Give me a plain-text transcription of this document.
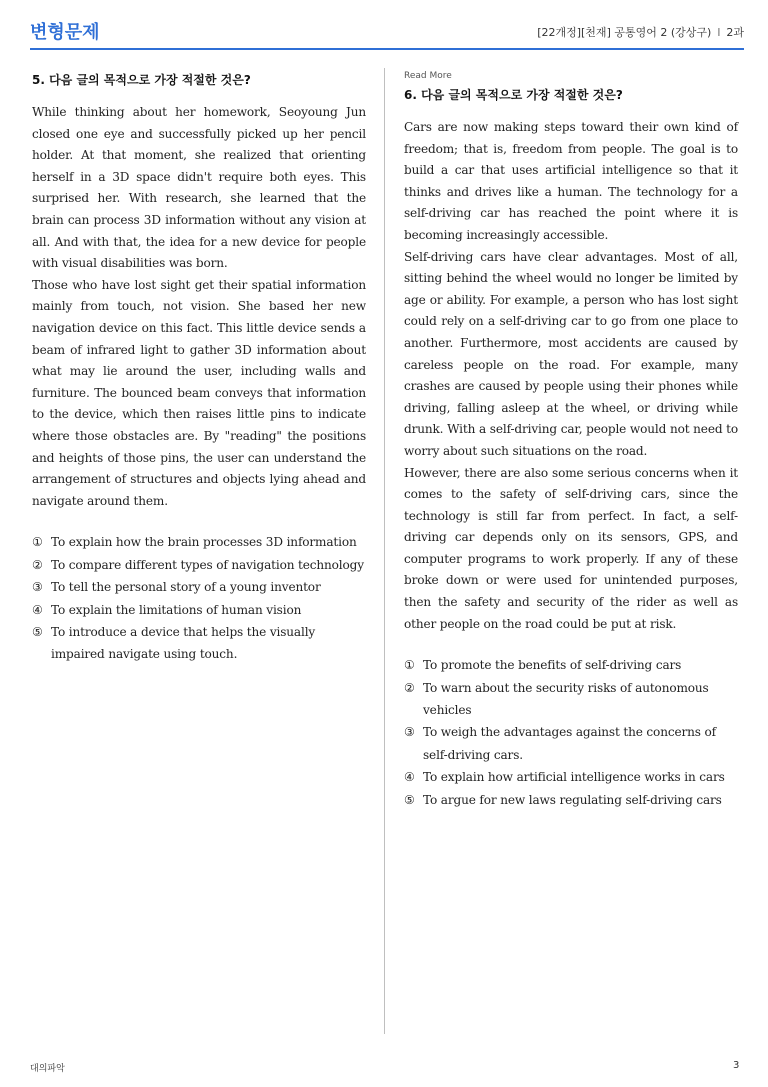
변형문제	[22개정][천재] 공통영어 2 (강상구) l 2과
5. 다음 글의 목적으로 가장 적절한 것은?

While thinking about her homework, Seoyoung Jun closed one eye and successfully picked up her pencil holder. At that moment, she realized that orienting herself in a 3D space didn't require both eyes. This surprised her. With research, she learned that the brain can process 3D information without any vision at all. And with that, the idea for a new device for people with visual disabilities was born.

Those who have lost sight get their spatial information mainly from touch, not vision. She based her new navigation device on this fact. This little device sends a beam of infrared light to gather 3D information about what may lie around the user, including walls and furniture. The bounced beam conveys that information to the device, which then raises little pins to indicate where those obstacles are. By "reading" the positions and heights of those pins, the user can understand the arrangement of structures and objects lying ahead and navigate around them.

① To explain how the brain processes 3D information
② To compare different types of navigation technology
③ To tell the personal story of a young inventor
④ To explain the limitations of human vision
⑤ To introduce a device that helps the visually impaired navigate using touch.
Read More
6. 다음 글의 목적으로 가장 적절한 것은?

Cars are now making steps toward their own kind of freedom; that is, freedom from people. The goal is to build a car that uses artificial intelligence so that it thinks and drives like a human. The technology for a self-driving car has reached the point where it is becoming increasingly accessible.

Self-driving cars have clear advantages. Most of all, sitting behind the wheel would no longer be limited by age or ability. For example, a person who has lost sight could rely on a self-driving car to go from one place to another. Furthermore, most accidents are caused by careless people on the road. For example, many crashes are caused by people using their phones while driving, falling asleep at the wheel, or driving while drunk. With a self-driving car, people would not need to worry about such situations on the road.

However, there are also some serious concerns when it comes to the safety of self-driving cars, since the technology is still far from perfect. In fact, a self-driving car depends only on its sensors, GPS, and computer programs to work properly. If any of these broke down or were used for unintended purposes, then the safety and security of the rider as well as other people on the road could be put at risk.

① To promote the benefits of self-driving cars
② To warn about the security risks of autonomous vehicles
③ To weigh the advantages against the concerns of self-driving cars.
④ To explain how artificial intelligence works in cars
⑤ To argue for new laws regulating self-driving cars
대의파악	3
